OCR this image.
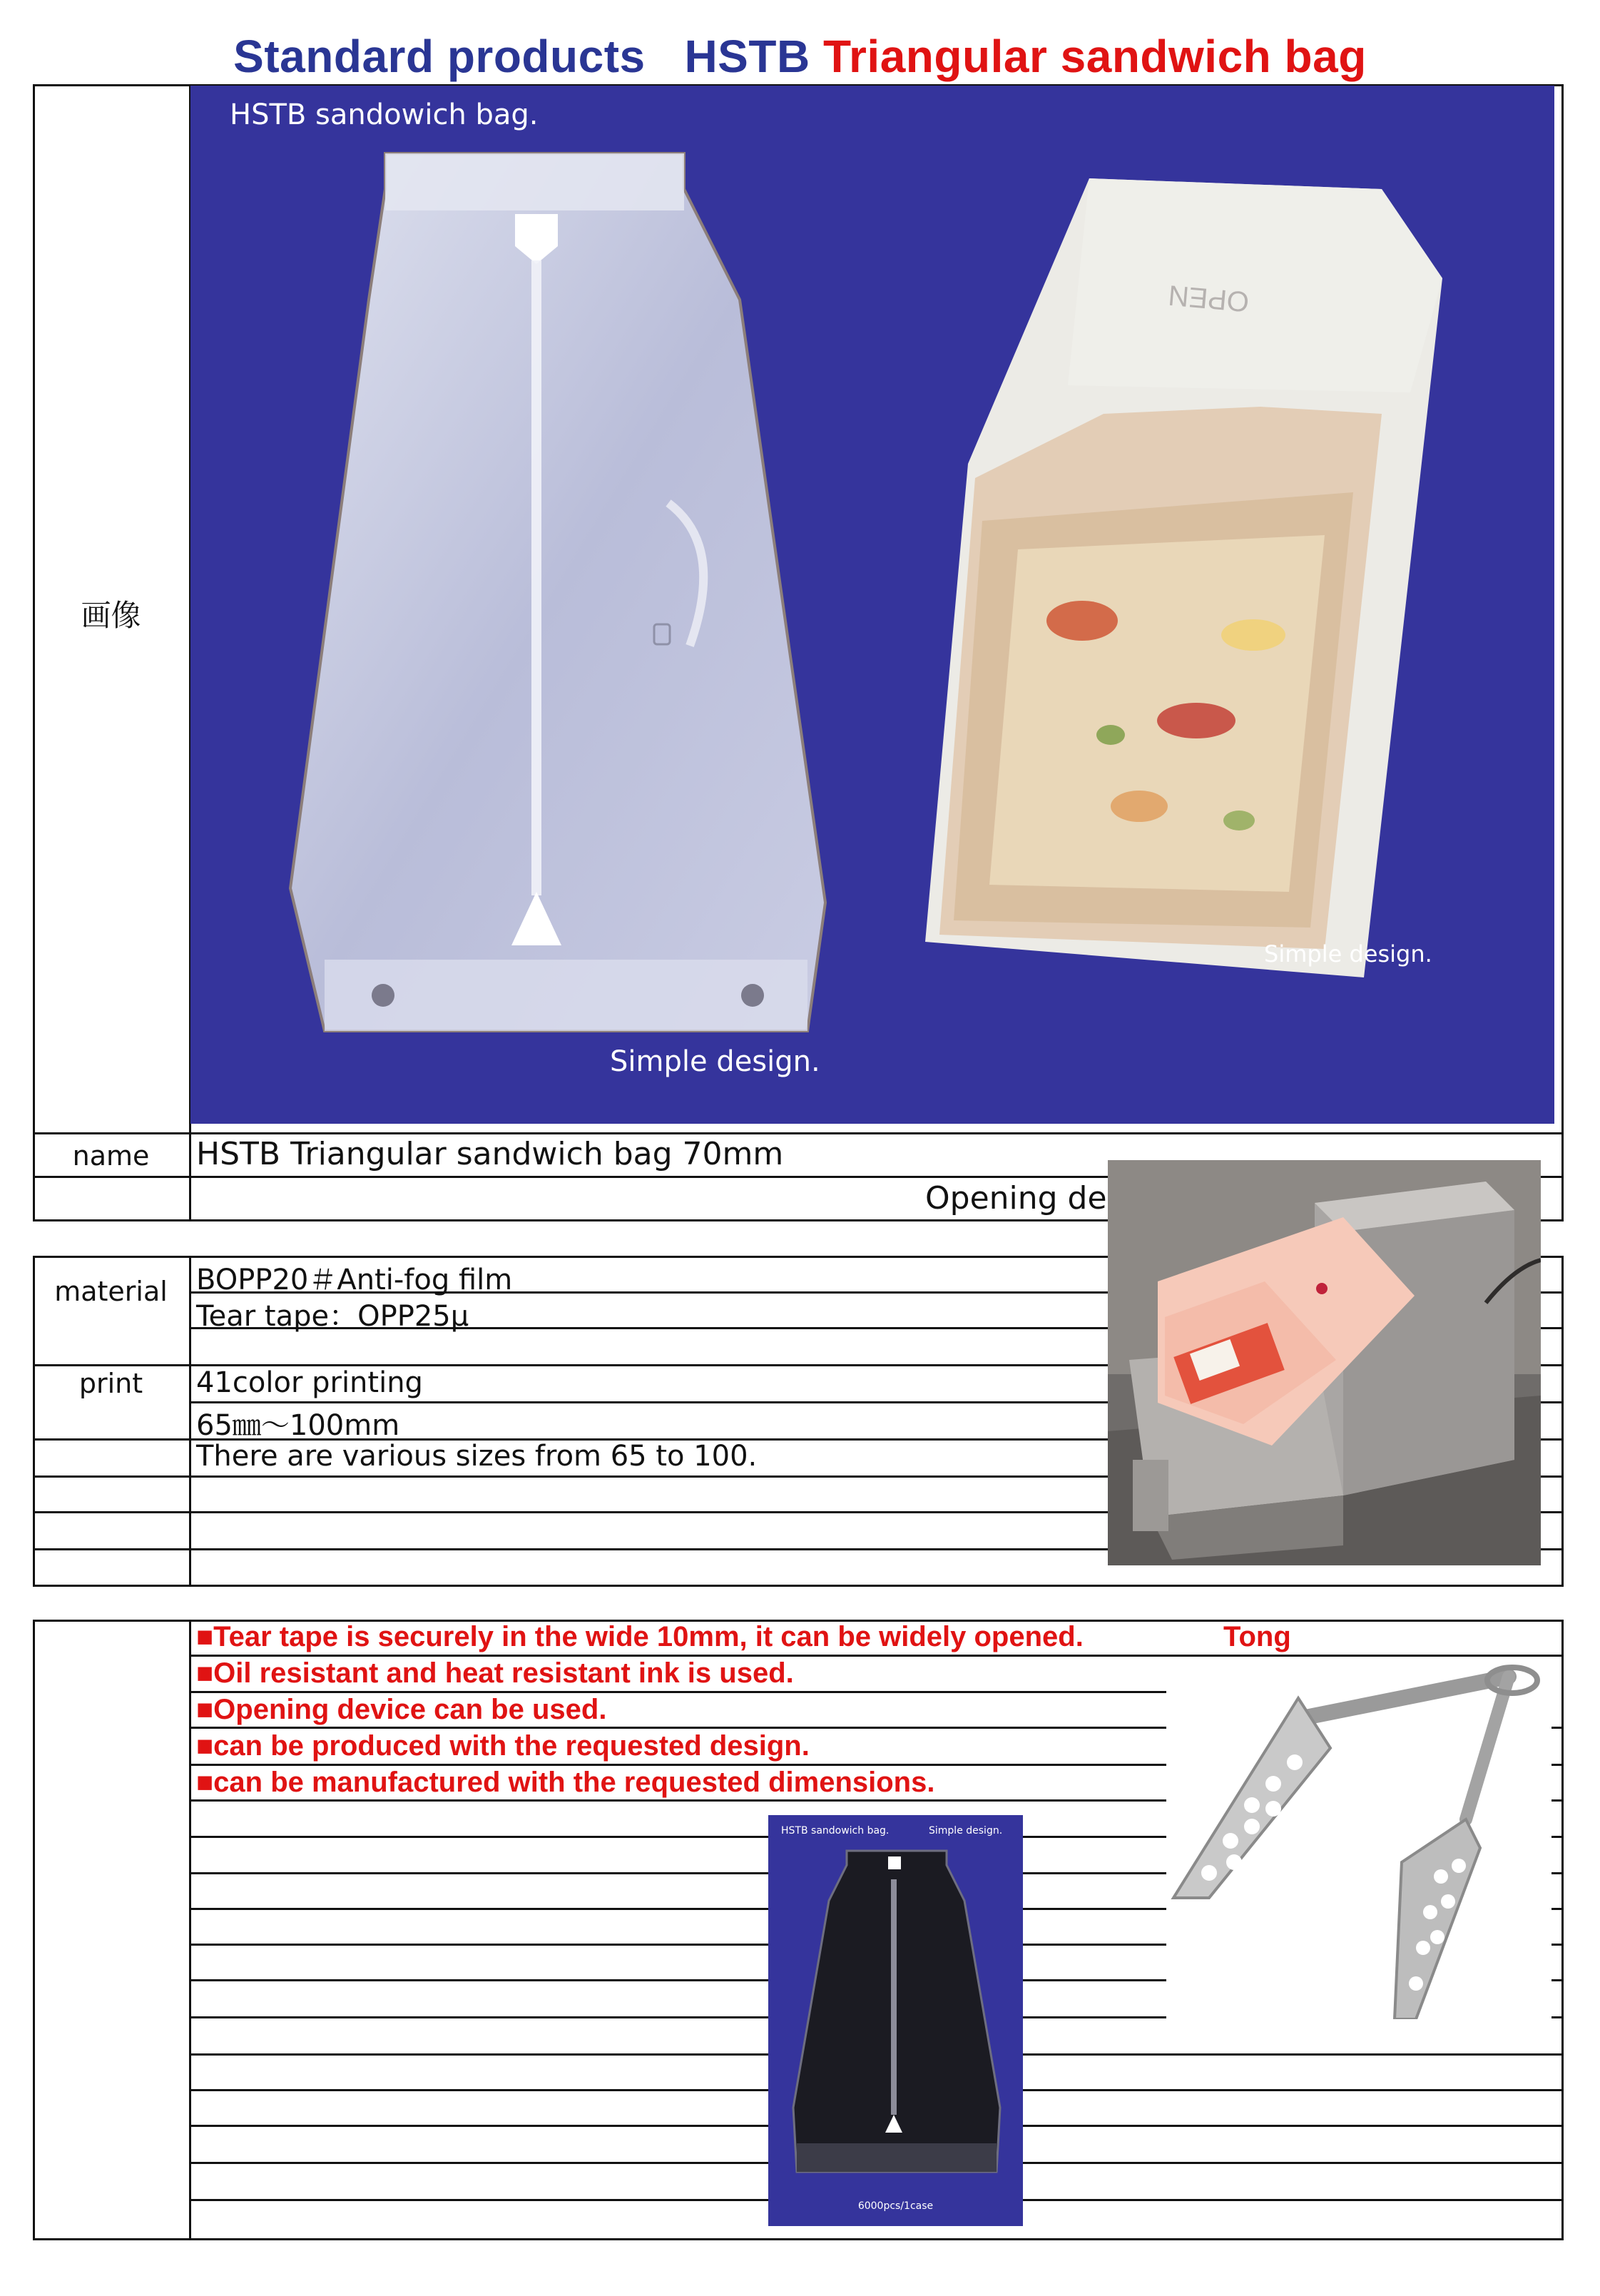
Standard products HSTB Triangular sandwich bag
画像
HSTB sandowich bag.
OPEN
Simple design.
Simple design.
name	HSTB Triangular sandwich bag 70mm
Opening de
material	BOPP20＃Anti-fog film
Tear tape：OPP25μ
print	41color printing
65㎜～100mm
There are various sizes from 65 to 100.
■Tear tape is securely in the wide 10mm, it can be widely opened.	Tong
■Oil resistant and heat resistant ink is used.
■Opening device can be used.
■can be produced with the requested design.
■can be manufactured with the requested dimensions.
HSTB sandowich bag.	Simple design.
6000pcs/1case
